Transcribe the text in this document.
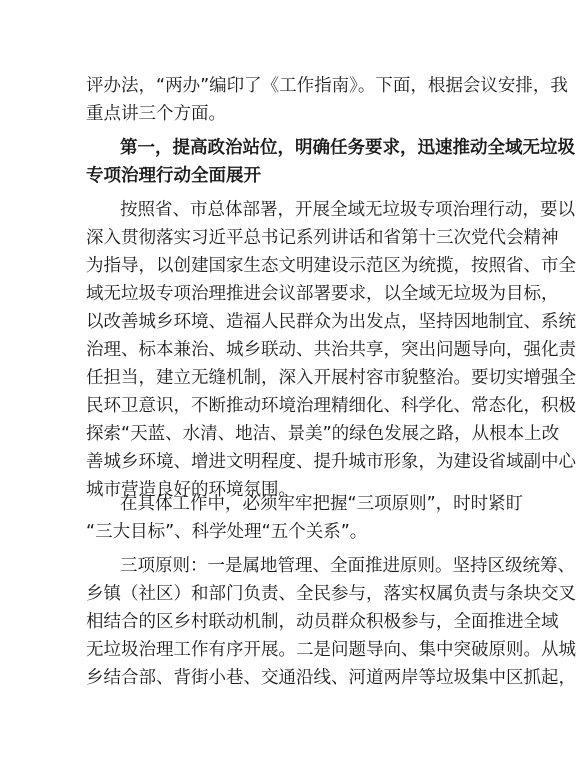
评办法，“两办”编印了《工作指南》。下面，根据会议安排，我
重点讲三个方面。
第一，提高政治站位，明确任务要求，迅速推动全域无垃圾
专项治理行动全面展开
按照省、市总体部署，开展全域无垃圾专项治理行动，要以
深入贯彻落实习近平总书记系列讲话和省第十三次党代会精神
为指导，以创建国家生态文明建设示范区为统揽，按照省、市全
域无垃圾专项治理推进会议部署要求，以全域无垃圾为目标，
以改善城乡环境、造福人民群众为出发点，坚持因地制宜、系统
治理、标本兼治、城乡联动、共治共享，突出问题导向，强化责
任担当，建立无缝机制，深入开展村容市貌整治。要切实增强全
民环卫意识，不断推动环境治理精细化、科学化、常态化，积极
探索“天蓝、水清、地洁、景美”的绿色发展之路，从根本上改
善城乡环境、增进文明程度、提升城市形象，为建设省域副中心
城市营造良好的环境氛围。
在具体工作中，必须牢牢把握“三项原则”，时时紧盯
“三大目标”、科学处理“五个关系”。
三项原则：一是属地管理、全面推进原则。坚持区级统筹、
乡镇（社区）和部门负责、全民参与，落实权属负责与条块交叉
相结合的区乡村联动机制，动员群众积极参与，全面推进全域
无垃圾治理工作有序开展。二是问题导向、集中突破原则。从城
乡结合部、背街小巷、交通沿线、河道两岸等垃圾集中区抓起，
